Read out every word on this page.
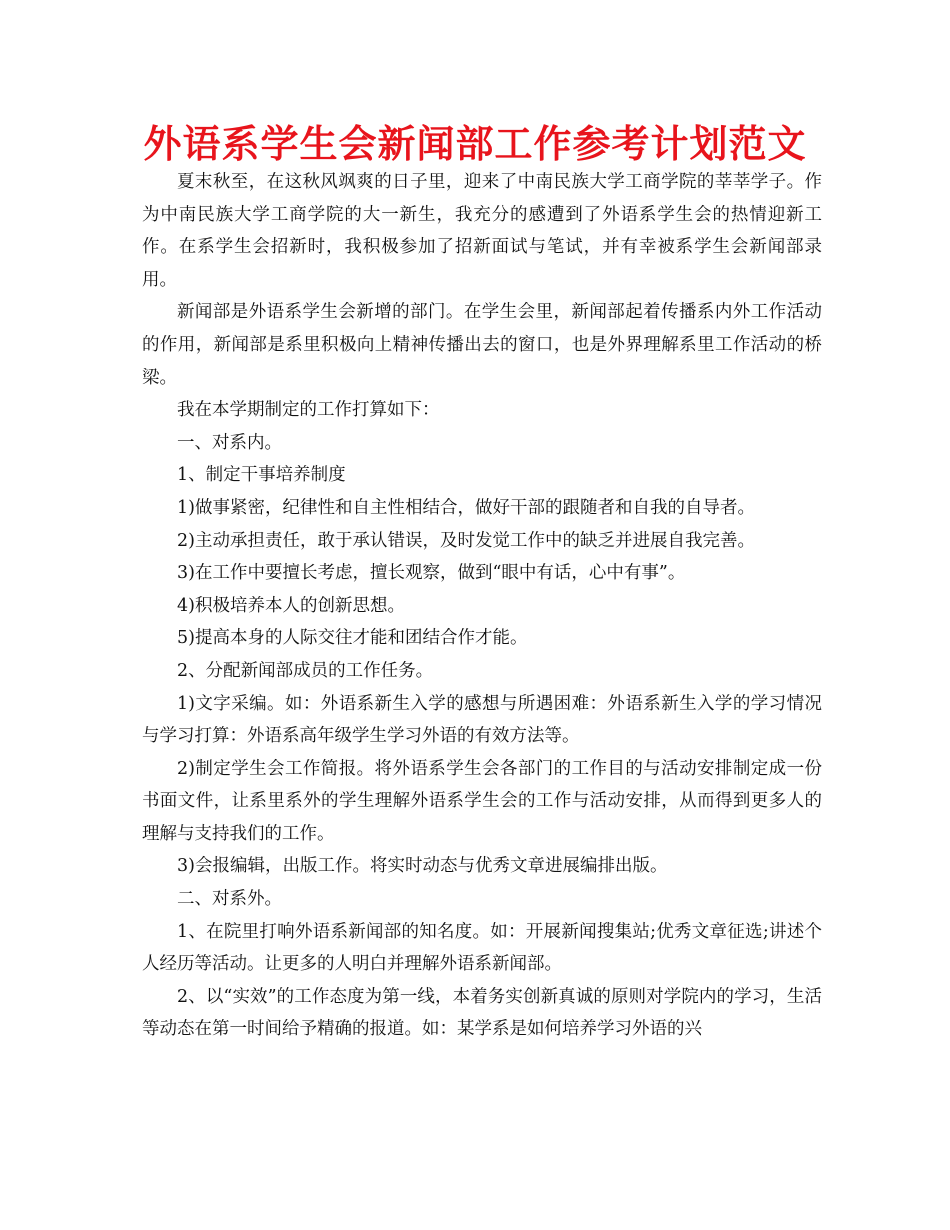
外语系学生会新闻部工作参考计划范文

夏末秋至，在这秋风飒爽的日子里，迎来了中南民族大学工商学院的莘莘学子。作为中南民族大学工商学院的大一新生，我充分的感遭到了外语系学生会的热情迎新工作。在系学生会招新时，我积极参加了招新面试与笔试，并有幸被系学生会新闻部录用。

新闻部是外语系学生会新增的部门。在学生会里，新闻部起着传播系内外工作活动的作用，新闻部是系里积极向上精神传播出去的窗口，也是外界理解系里工作活动的桥梁。

我在本学期制定的工作打算如下：

一、对系内。

1、制定干事培养制度

1)做事紧密，纪律性和自主性相结合，做好干部的跟随者和自我的自导者。

2)主动承担责任，敢于承认错误，及时发觉工作中的缺乏并进展自我完善。

3)在工作中要擅长考虑，擅长观察，做到“眼中有话，心中有事”。

4)积极培养本人的创新思想。

5)提高本身的人际交往才能和团结合作才能。

2、分配新闻部成员的工作任务。

1)文字采编。如：外语系新生入学的感想与所遇困难：外语系新生入学的学习情况与学习打算：外语系高年级学生学习外语的有效方法等。

2)制定学生会工作简报。将外语系学生会各部门的工作目的与活动安排制定成一份书面文件，让系里系外的学生理解外语系学生会的工作与活动安排，从而得到更多人的理解与支持我们的工作。

3)会报编辑，出版工作。将实时动态与优秀文章进展编排出版。

二、对系外。

1、在院里打响外语系新闻部的知名度。如：开展新闻搜集站;优秀文章征选;讲述个人经历等活动。让更多的人明白并理解外语系新闻部。

2、以“实效”的工作态度为第一线，本着务实创新真诚的原则对学院内的学习，生活等动态在第一时间给予精确的报道。如：某学系是如何培养学习外语的兴
